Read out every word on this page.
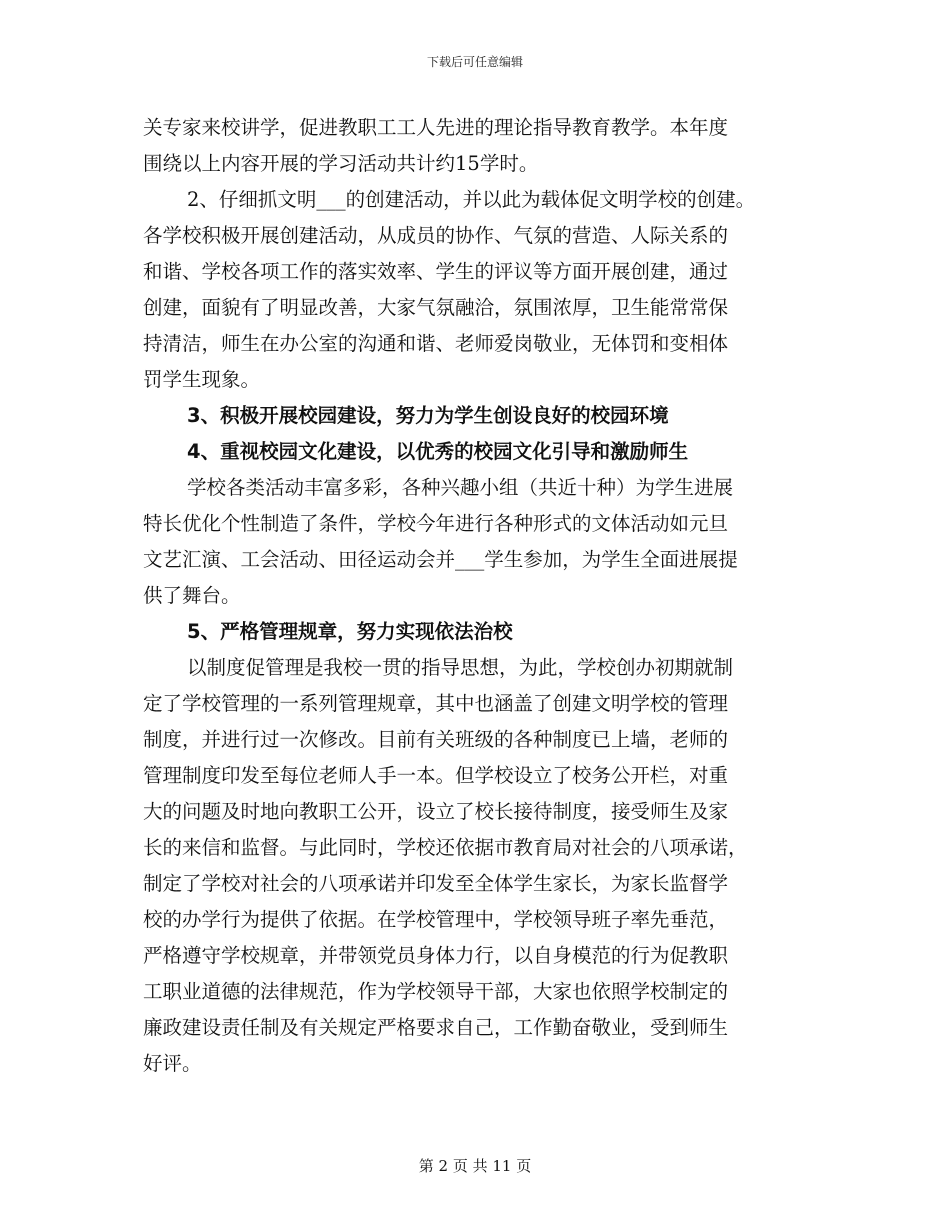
下载后可任意编辑
关专家来校讲学，促进教职工工人先进的理论指导教育教学。本年度
围绕以上内容开展的学习活动共计约15学时。
2、仔细抓文明___的创建活动，并以此为载体促文明学校的创建。
各学校积极开展创建活动，从成员的协作、气氛的营造、人际关系的
和谐、学校各项工作的落实效率、学生的评议等方面开展创建，通过
创建，面貌有了明显改善，大家气氛融洽，氛围浓厚，卫生能常常保
持清洁，师生在办公室的沟通和谐、老师爱岗敬业，无体罚和变相体
罚学生现象。
3、积极开展校园建设，努力为学生创设良好的校园环境
4、重视校园文化建设，以优秀的校园文化引导和激励师生
学校各类活动丰富多彩，各种兴趣小组（共近十种）为学生进展
特长优化个性制造了条件，学校今年进行各种形式的文体活动如元旦
文艺汇演、工会活动、田径运动会并___学生参加，为学生全面进展提
供了舞台。
5、严格管理规章，努力实现依法治校
以制度促管理是我校一贯的指导思想，为此，学校创办初期就制
定了学校管理的一系列管理规章，其中也涵盖了创建文明学校的管理
制度，并进行过一次修改。目前有关班级的各种制度已上墙，老师的
管理制度印发至每位老师人手一本。但学校设立了校务公开栏，对重
大的问题及时地向教职工公开，设立了校长接待制度，接受师生及家
长的来信和监督。与此同时，学校还依据市教育局对社会的八项承诺，
制定了学校对社会的八项承诺并印发至全体学生家长，为家长监督学
校的办学行为提供了依据。在学校管理中，学校领导班子率先垂范，
严格遵守学校规章，并带领党员身体力行，以自身模范的行为促教职
工职业道德的法律规范，作为学校领导干部，大家也依照学校制定的
廉政建设责任制及有关规定严格要求自己，工作勤奋敬业，受到师生
好评。
第 2 页 共 11 页
